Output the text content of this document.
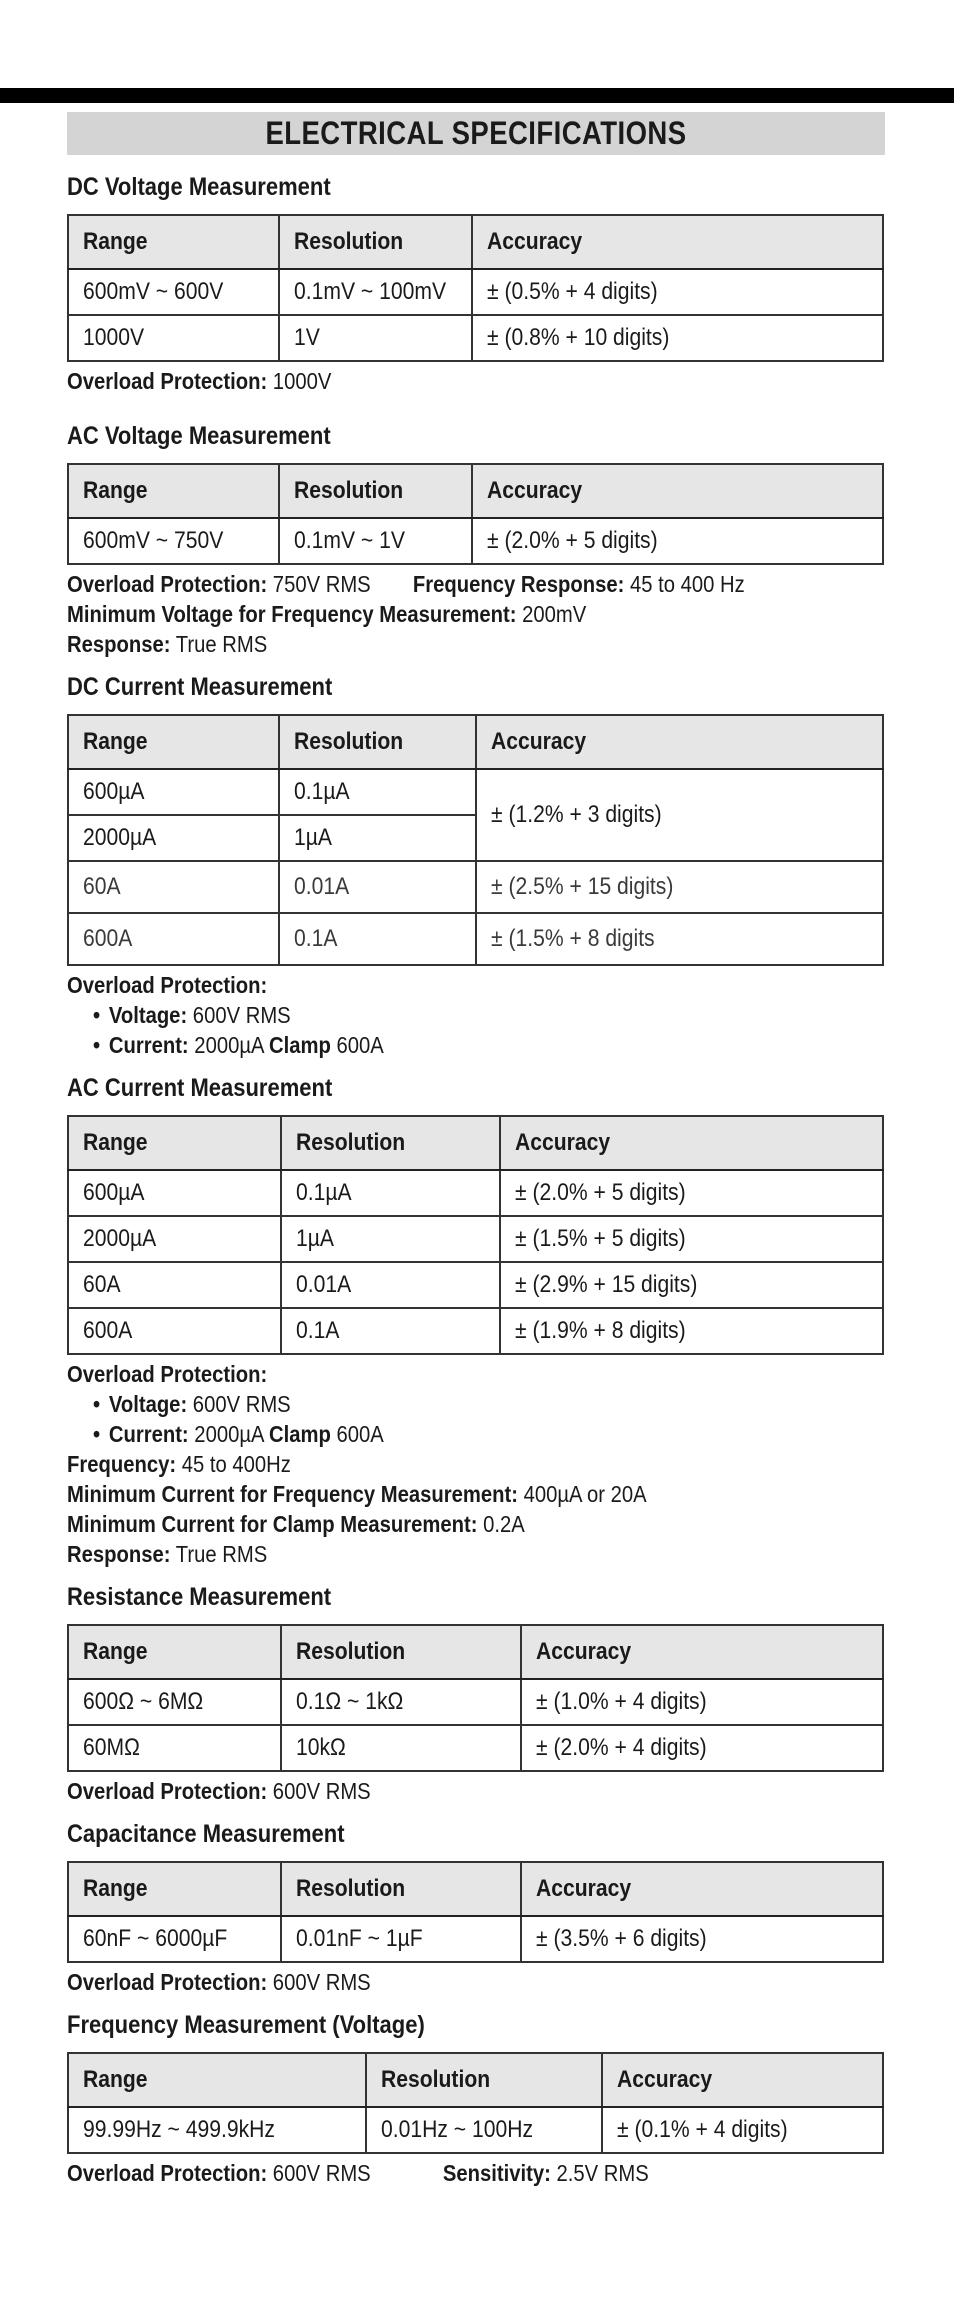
ELECTRICAL SPECIFICATIONS
DC Voltage Measurement
Range	Resolution	Accuracy
600mV ~ 600V	0.1mV ~ 100mV	± (0.5% + 4 digits)
1000V	1V	± (0.8% + 10 digits)
Overload Protection: 1000V
AC Voltage Measurement
Range	Resolution	Accuracy
600mV ~ 750V	0.1mV ~ 1V	± (2.0% + 5 digits)
Overload Protection: 750V RMS Frequency Response: 45 to 400 Hz
Minimum Voltage for Frequency Measurement: 200mV
Response: True RMS
DC Current Measurement
Range	Resolution	Accuracy
600µA	0.1µA	± (1.2% + 3 digits)
2000µA	1µA	
60A	0.01A	± (2.5% + 15 digits)
600A	0.1A	± (1.5% + 8 digits
Overload Protection:
• Voltage: 600V RMS
• Current: 2000µA Clamp 600A
AC Current Measurement
Range	Resolution	Accuracy
600µA	0.1µA	± (2.0% + 5 digits)
2000µA	1µA	± (1.5% + 5 digits)
60A	0.01A	± (2.9% + 15 digits)
600A	0.1A	± (1.9% + 8 digits)
Overload Protection:
• Voltage: 600V RMS
• Current: 2000µA Clamp 600A
Frequency: 45 to 400Hz
Minimum Current for Frequency Measurement: 400µA or 20A
Minimum Current for Clamp Measurement: 0.2A
Response: True RMS
Resistance Measurement
Range	Resolution	Accuracy
600Ω ~ 6MΩ	0.1Ω ~ 1kΩ	± (1.0% + 4 digits)
60MΩ	10kΩ	± (2.0% + 4 digits)
Overload Protection: 600V RMS
Capacitance Measurement
Range	Resolution	Accuracy
60nF ~ 6000µF	0.01nF ~ 1µF	± (3.5% + 6 digits)
Overload Protection: 600V RMS
Frequency Measurement (Voltage)
Range	Resolution	Accuracy
99.99Hz ~ 499.9kHz	0.01Hz ~ 100Hz	± (0.1% + 4 digits)
Overload Protection: 600V RMS	Sensitivity: 2.5V RMS
